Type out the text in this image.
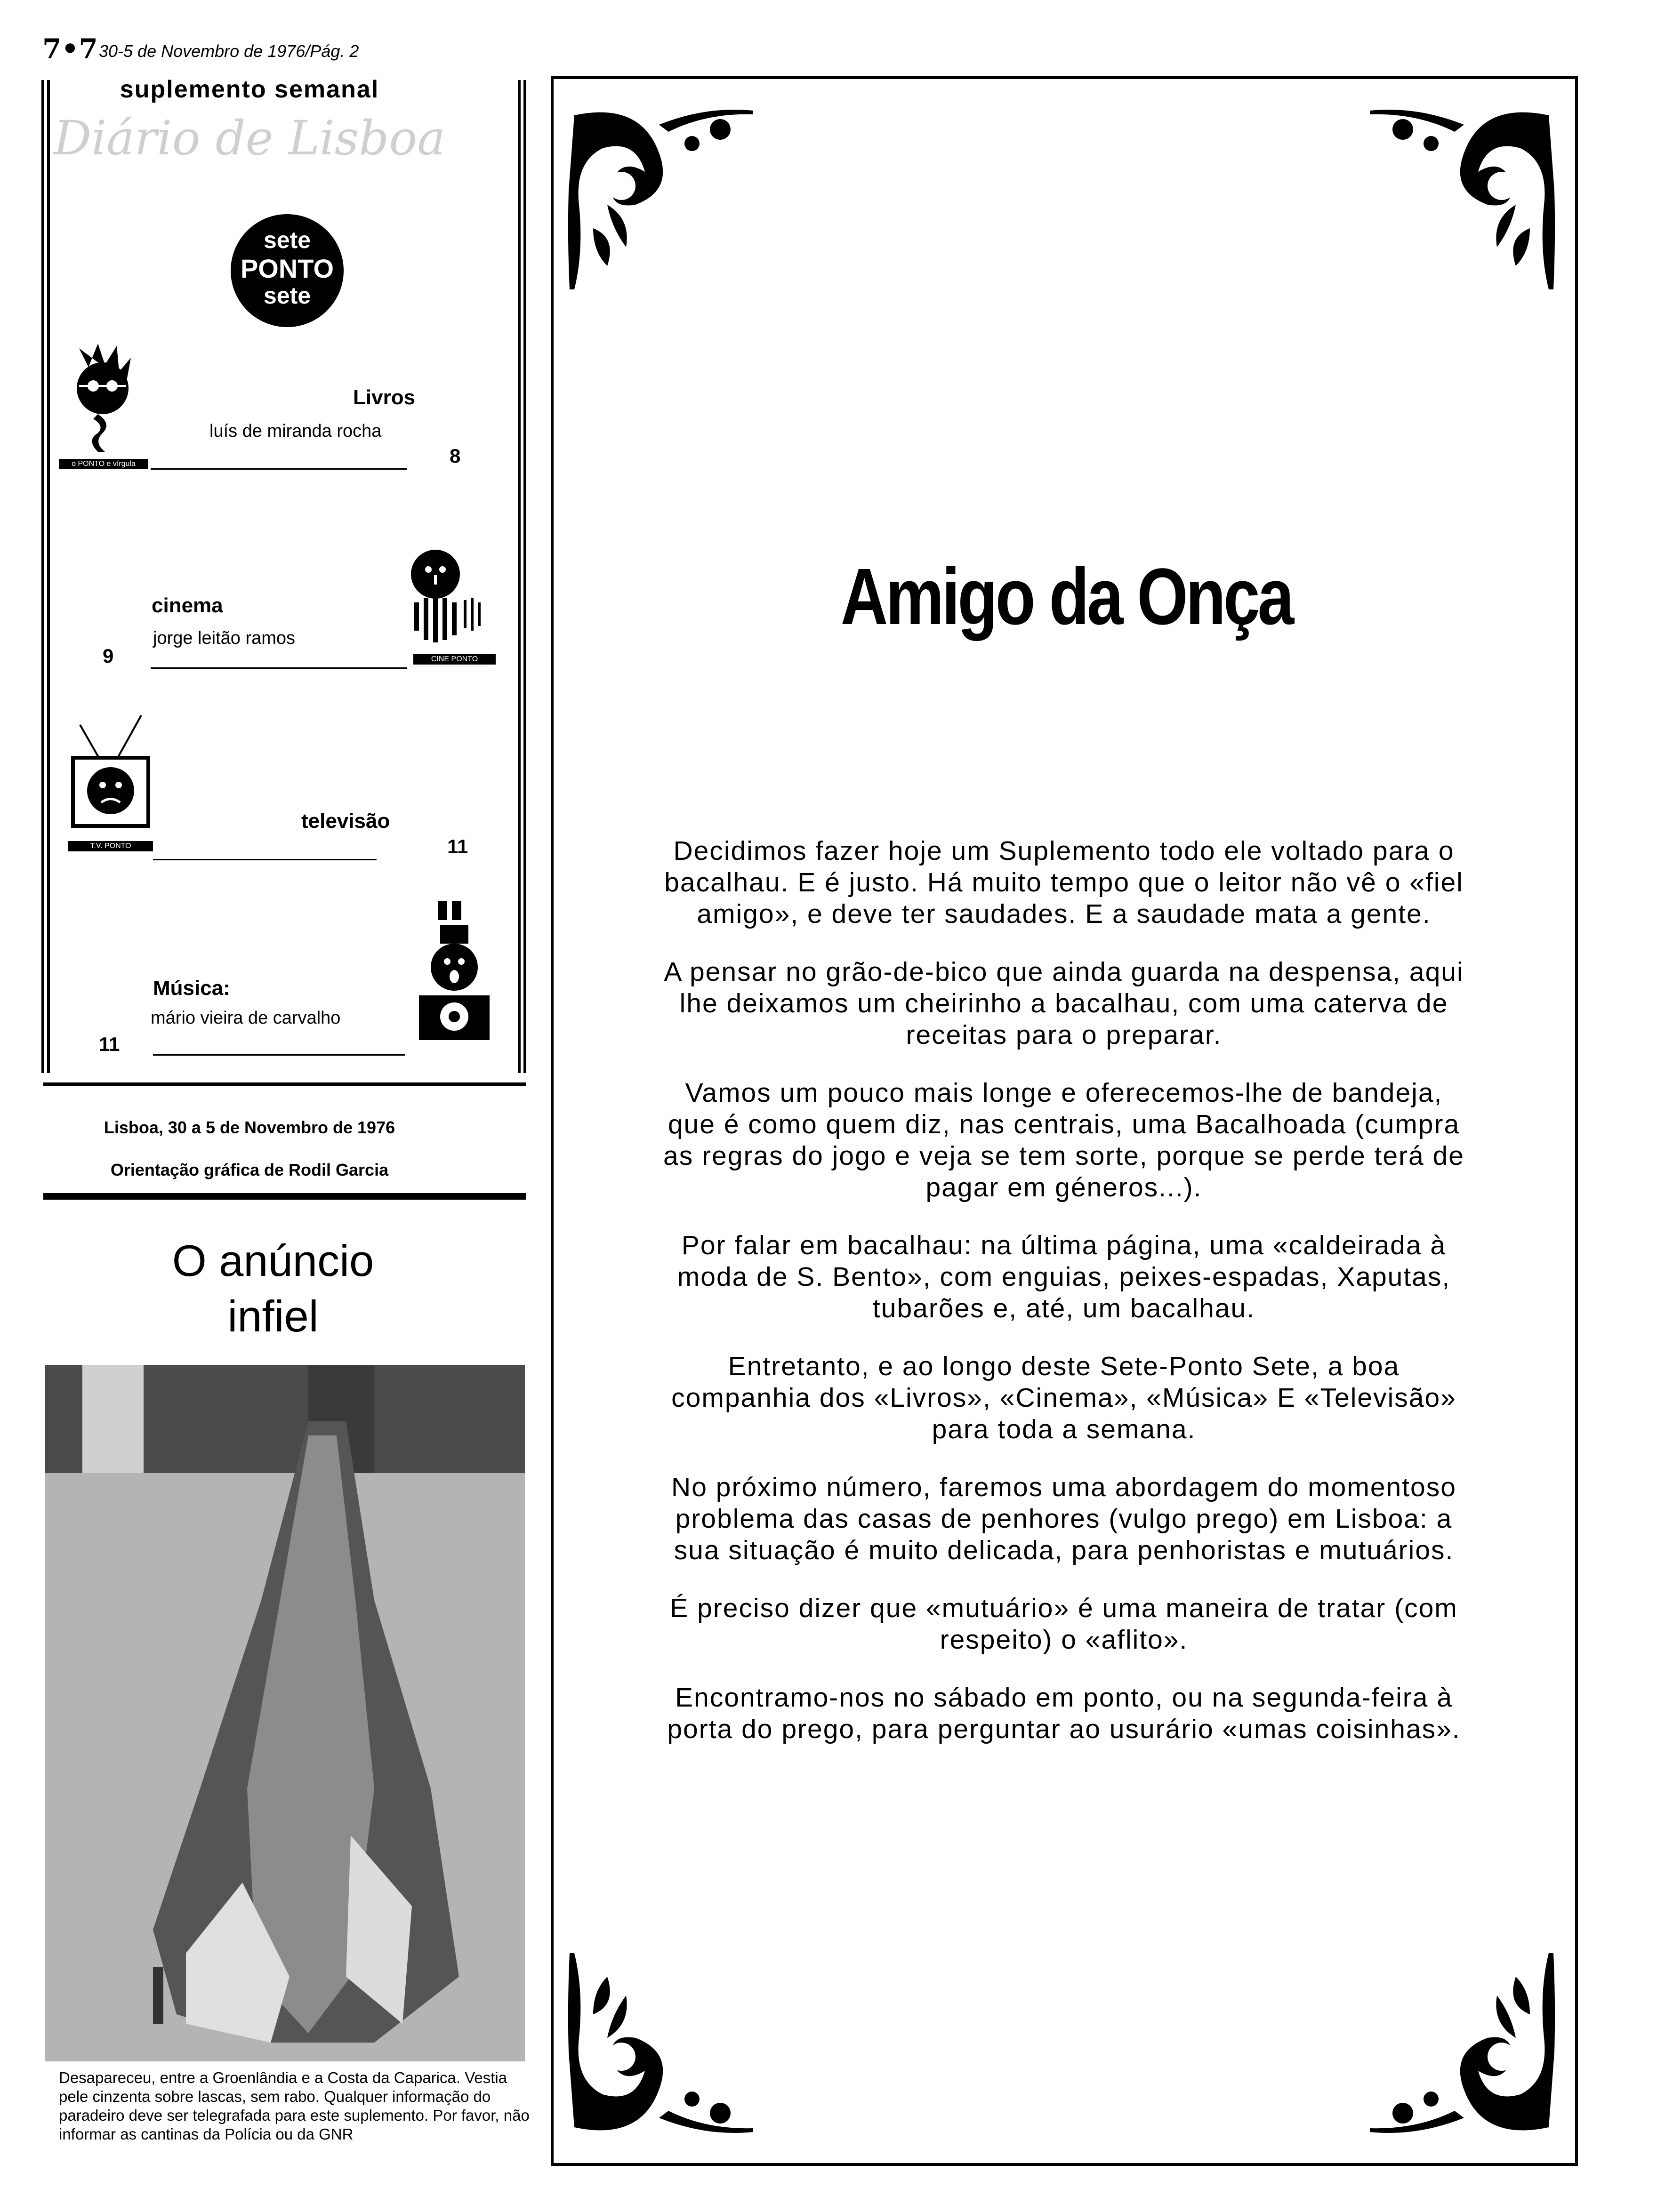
7•7 30-5 de Novembro de 1976/Pág. 2
suplemento semanal
Diário de Lisboa
sete
PONTO
sete
o PONTO e vírgula
Livros
luís de miranda rocha
8
CINE PONTO
cinema
jorge leitão ramos
9
T.V. PONTO
televisão
11
Música:
mário vieira de carvalho
11
Lisboa, 30 a 5 de Novembro de 1976
Orientação gráfica de Rodil Garcia
O anúncio
infiel
Desapareceu, entre a Groenlândia e a Costa da Caparica. Vestia pele cinzenta sobre lascas, sem rabo. Qualquer informação do paradeiro deve ser telegrafada para este suplemento. Por favor, não informar as cantinas da Polícia ou da GNR
Amigo da Onça

Decidimos fazer hoje um Suplemento todo ele voltado para o bacalhau. E é justo. Há muito tempo que o leitor não vê o «fiel amigo», e deve ter saudades. E a saudade mata a gente.

A pensar no grão-de-bico que ainda guarda na despensa, aqui lhe deixamos um cheirinho a bacalhau, com uma caterva de receitas para o preparar.

Vamos um pouco mais longe e oferecemos-lhe de bandeja, que é como quem diz, nas centrais, uma Bacalhoada (cumpra as regras do jogo e veja se tem sorte, porque se perde terá de pagar em géneros...).

Por falar em bacalhau: na última página, uma «caldeirada à moda de S. Bento», com enguias, peixes-espadas, Xaputas, tubarões e, até, um bacalhau.

Entretanto, e ao longo deste Sete-Ponto Sete, a boa companhia dos «Livros», «Cinema», «Música» E «Televisão» para toda a semana.

No próximo número, faremos uma abordagem do momentoso problema das casas de penhores (vulgo prego) em Lisboa: a sua situação é muito delicada, para penhoristas e mutuários.

É preciso dizer que «mutuário» é uma maneira de tratar (com respeito) o «aflito».

Encontramo-nos no sábado em ponto, ou na segunda-feira à porta do prego, para perguntar ao usurário «umas coisinhas».
